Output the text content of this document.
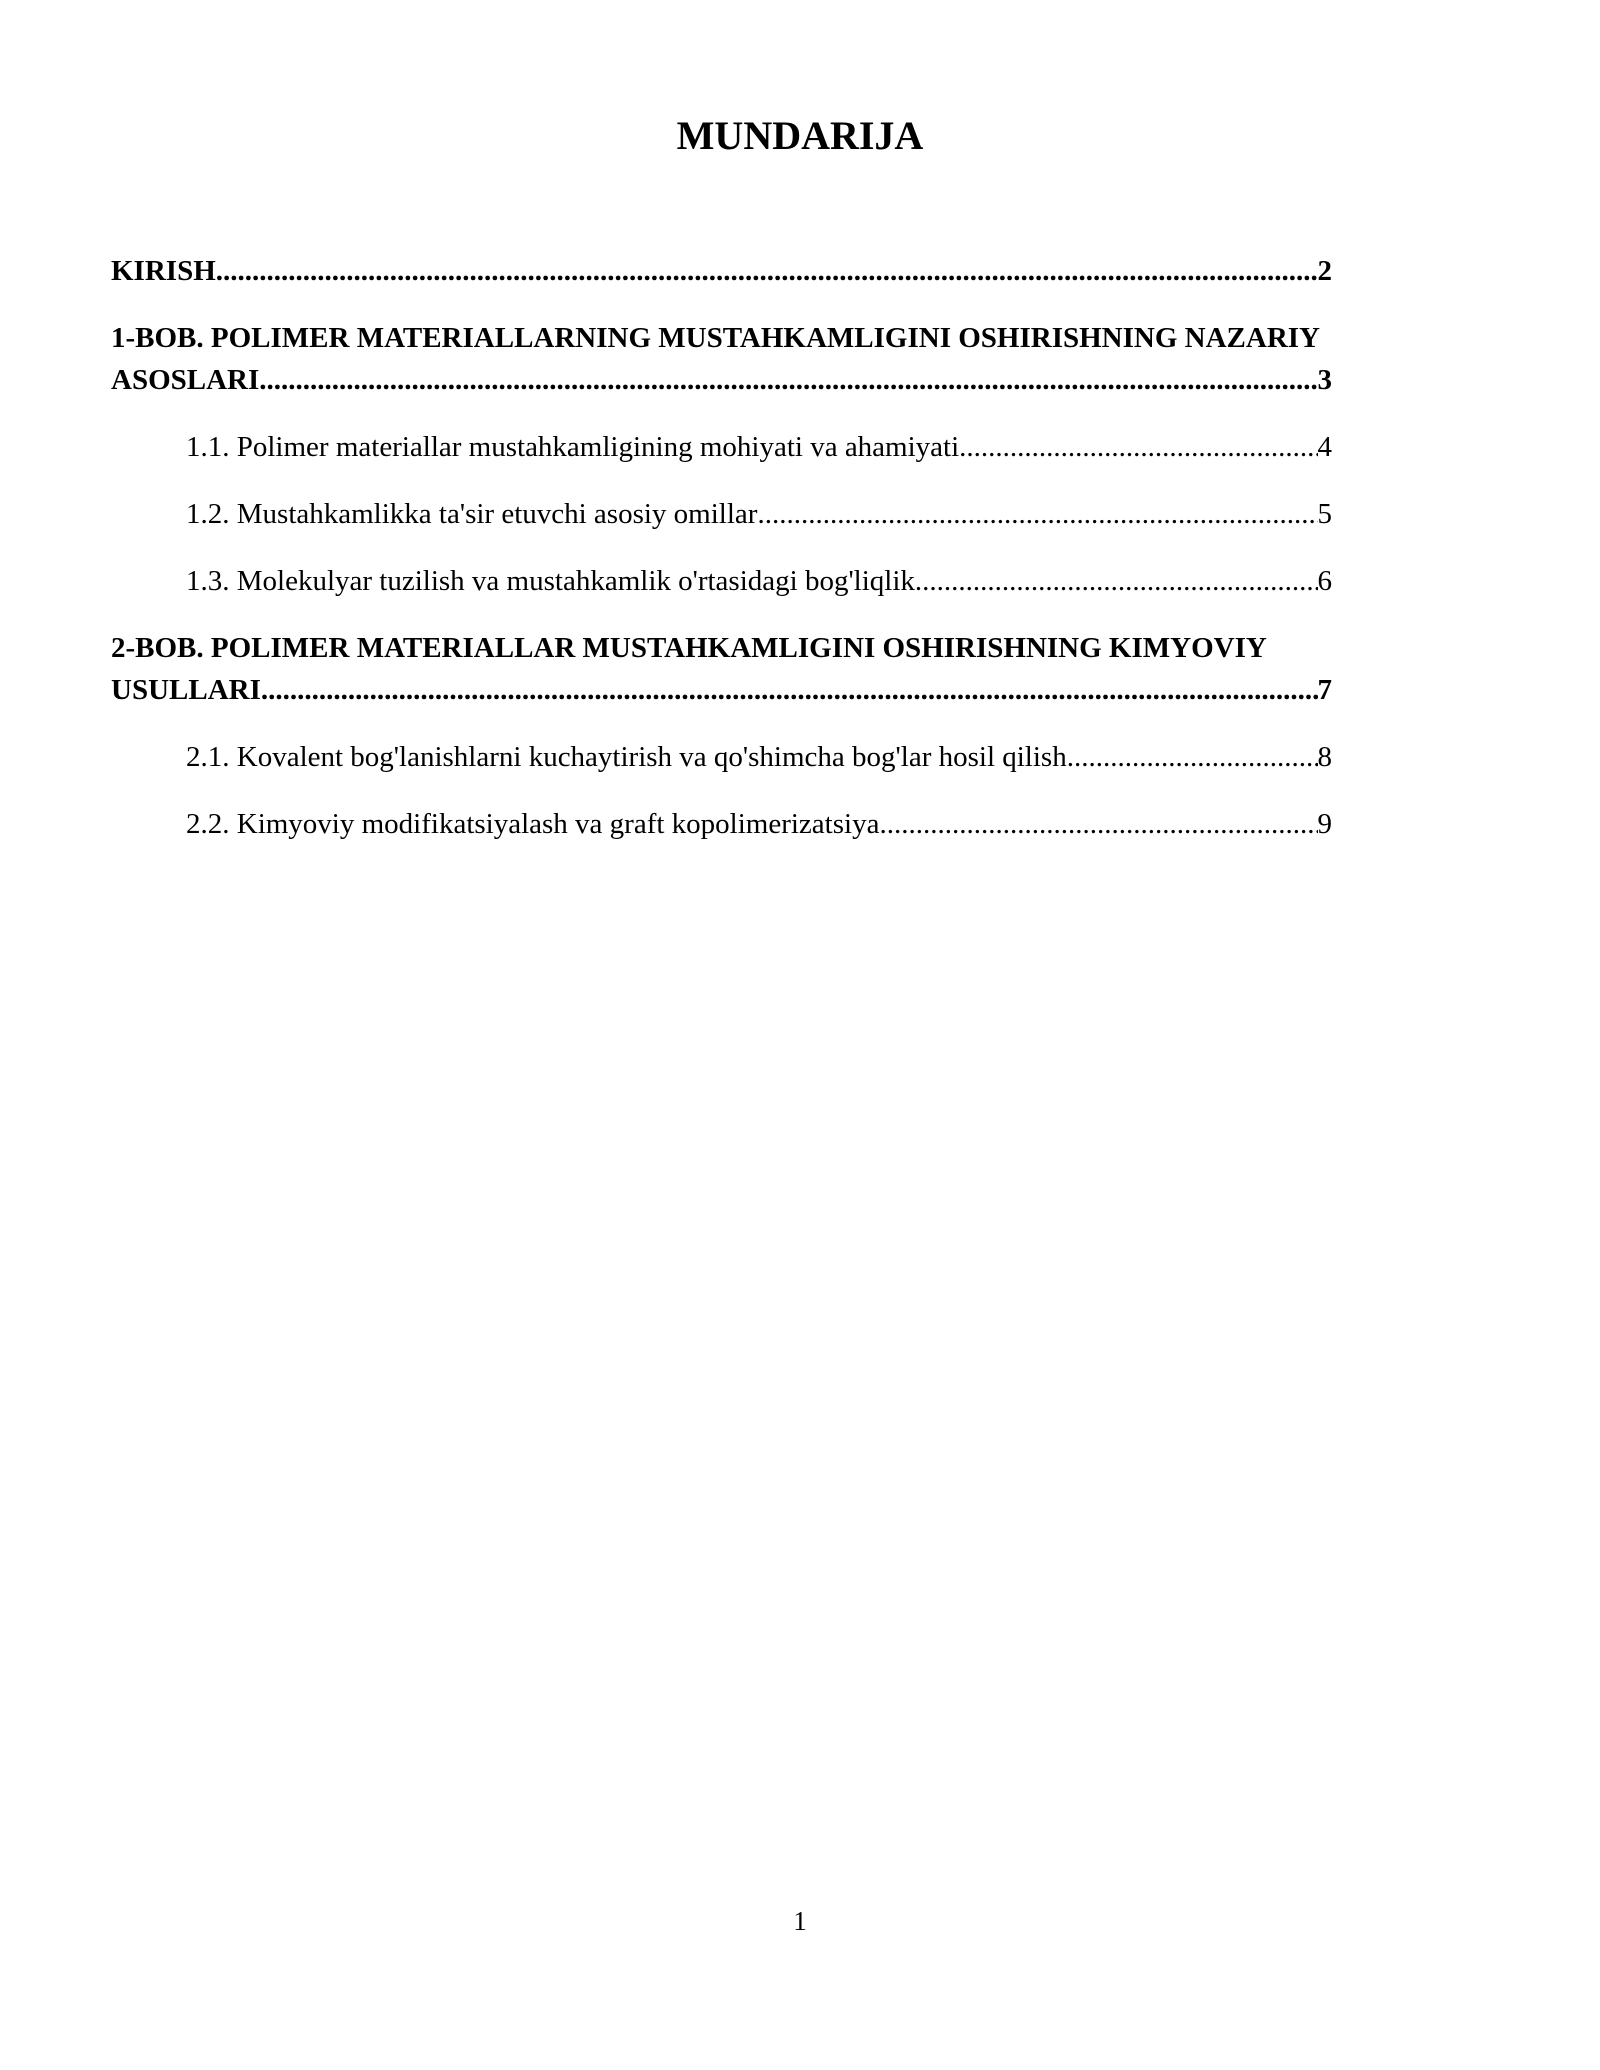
MUNDARIJA
KIRISH .....	2
1-BOB. POLIMER MATERIALLARNING MUSTAHKAMLIGINI OSHIRISHNING NAZARIY
ASOSLARI .....	3
1.1. Polimer materiallar mustahkamligining mohiyati va ahamiyati .....	4
1.2. Mustahkamlikka ta'sir etuvchi asosiy omillar .....	5
1.3. Molekulyar tuzilish va mustahkamlik o'rtasidagi bog'liqlik .....	6
2-BOB. POLIMER MATERIALLAR MUSTAHKAMLIGINI OSHIRISHNING KIMYOVIY
USULLARI .....	7
2.1. Kovalent bog'lanishlarni kuchaytirish va qo'shimcha bog'lar hosil qilish .....	8
2.2. Kimyoviy modifikatsiyalash va graft kopolimerizatsiya .....	9
1
